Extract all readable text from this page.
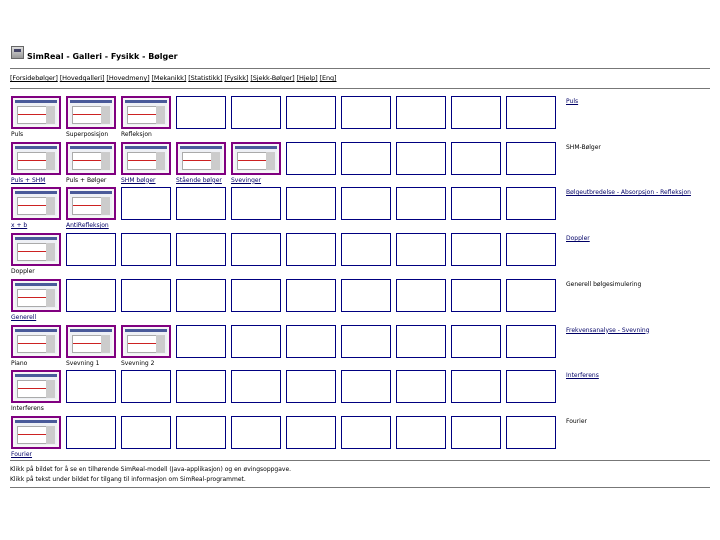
SimReal - Galleri - Fysikk - Bølger
[Forsidebølger] [Hovedgalleri] [Hovedmeny] [Mekanikk] [Statistikk] [Fysikk] [Sjekk-Bølger] [Hjelp] [Eng]
Puls	Superposisjon Refleksjon
Puls
Puls + SHM	Puls + Bølger SHM bølger	Stående bølger Svevinger
SHM-Bølger
x + b	AntiRefleksjon
Bølgeutbredelse - Absorpsjon - Refleksjon
Doppler
Doppler
Generell
Generell bølgesimulering
Piano	Svevning 1	Svevning 2
Frekvensanalyse - Svevning
Interferens
Interferens
Fourier
Fourier
Klikk på bildet for å se en tilhørende SimReal-modell (Java-applikasjon) og en øvingsoppgave.
Klikk på tekst under bildet for tilgang til informasjon om SimReal-programmet.
